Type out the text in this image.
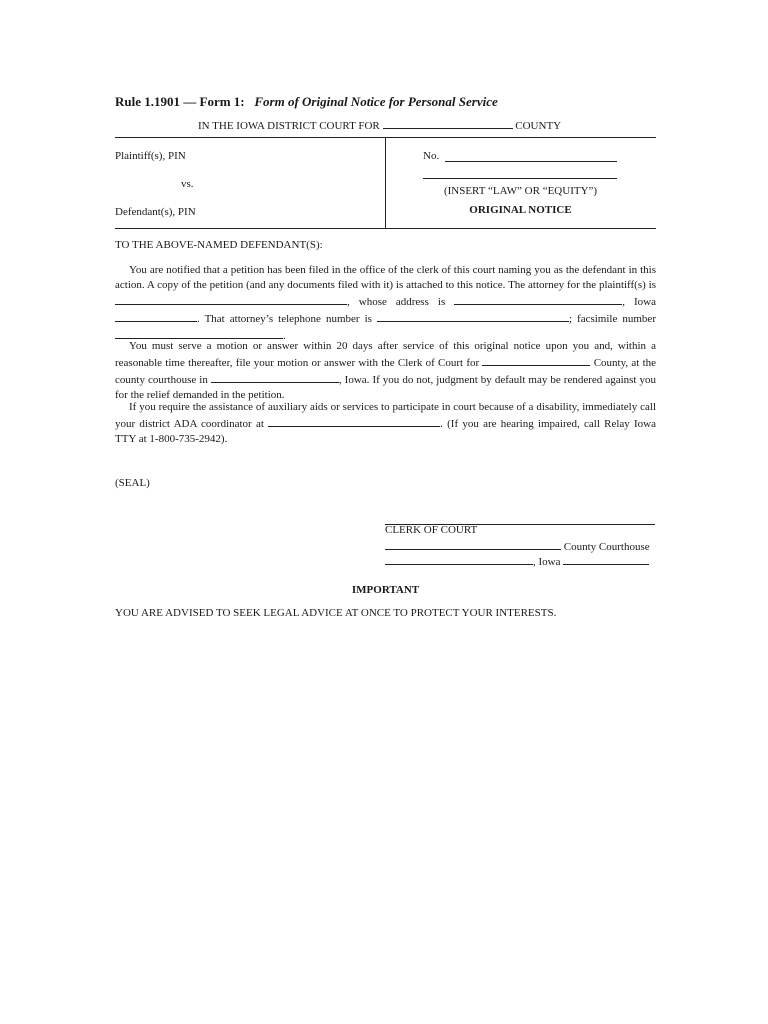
Rule 1.1901 — Form 1: Form of Original Notice for Personal Service
IN THE IOWA DISTRICT COURT FOR	COUNTY
Plaintiff(s), PIN
vs.
Defendant(s), PIN
No.
(INSERT “LAW” OR “EQUITY”)
ORIGINAL NOTICE
TO THE ABOVE-NAMED DEFENDANT(S):

You are notified that a petition has been filed in the office of the clerk of this court naming you as the defendant in this action. A copy of the petition (and any documents filed with it) is attached to this notice. The attorney for the plaintiff(s) is , whose address is	, Iowa . That attorney’s telephone number is	; facsimile number .

You must serve a motion or answer within 20 days after service of this original notice upon you and, within a reasonable time thereafter, file your motion or answer with the Clerk of Court for	County, at the county courthouse in	, Iowa. If you do not, judgment by default may be rendered against you for the relief demanded in the petition.

If you require the assistance of auxiliary aids or services to participate in court because of a disability, immediately call your district ADA coordinator at	. (If you are hearing impaired, call Relay Iowa TTY at 1-800-735-2942).

(SEAL)
CLERK OF COURT
County Courthouse
, Iowa
IMPORTANT
YOU ARE ADVISED TO SEEK LEGAL ADVICE AT ONCE TO PROTECT YOUR INTERESTS.
